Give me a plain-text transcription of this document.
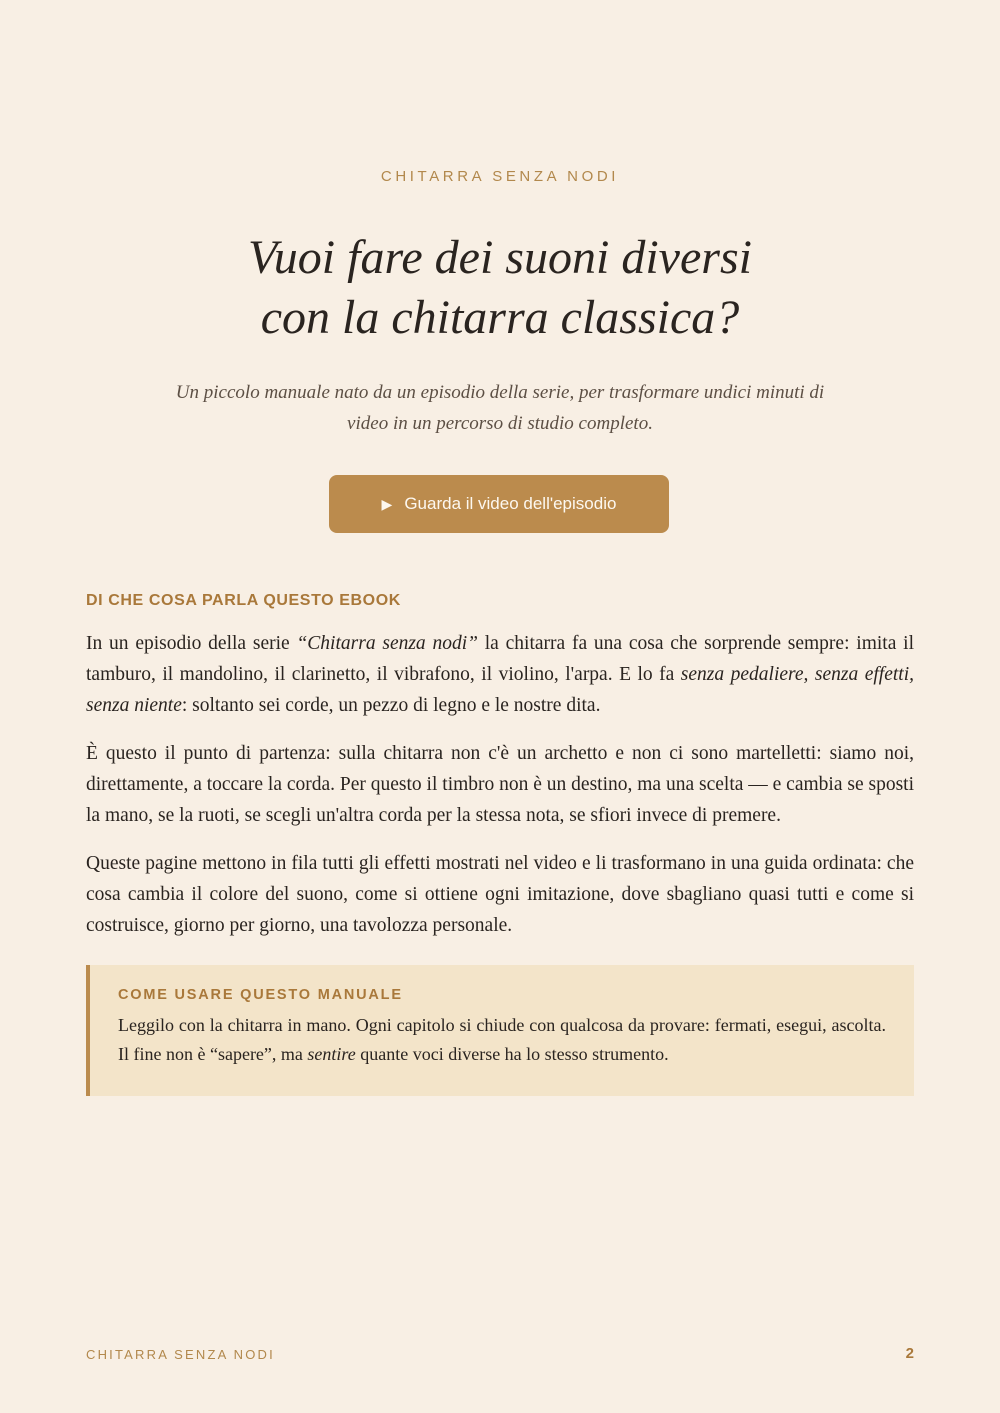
CHITARRA SENZA NODI
Vuoi fare dei suoni diversi
con la chitarra classica?

Un piccolo manuale nato da un episodio della serie, per trasformare undici minuti di video in un percorso di studio completo.

▶ Guarda il video dell'episodio
DI CHE COSA PARLA QUESTO EBOOK

In un episodio della serie “Chitarra senza nodi” la chitarra fa una cosa che sorprende sempre: imita il tamburo, il mandolino, il clarinetto, il vibrafono, il violino, l'arpa. E lo fa senza pedaliere, senza effetti, senza niente: soltanto sei corde, un pezzo di legno e le nostre dita.

È questo il punto di partenza: sulla chitarra non c'è un archetto e non ci sono martelletti: siamo noi, direttamente, a toccare la corda. Per questo il timbro non è un destino, ma una scelta — e cambia se sposti la mano, se la ruoti, se scegli un'altra corda per la stessa nota, se sfiori invece di premere.

Queste pagine mettono in fila tutti gli effetti mostrati nel video e li trasformano in una guida ordinata: che cosa cambia il colore del suono, come si ottiene ogni imitazione, dove sbagliano quasi tutti e come si costruisce, giorno per giorno, una tavolozza personale.

COME USARE QUESTO MANUALE

Leggilo con la chitarra in mano. Ogni capitolo si chiude con qualcosa da provare: fermati, esegui, ascolta. Il fine non è “sapere”, ma sentire quante voci diverse ha lo stesso strumento.

CHITARRA SENZA NODI	2
